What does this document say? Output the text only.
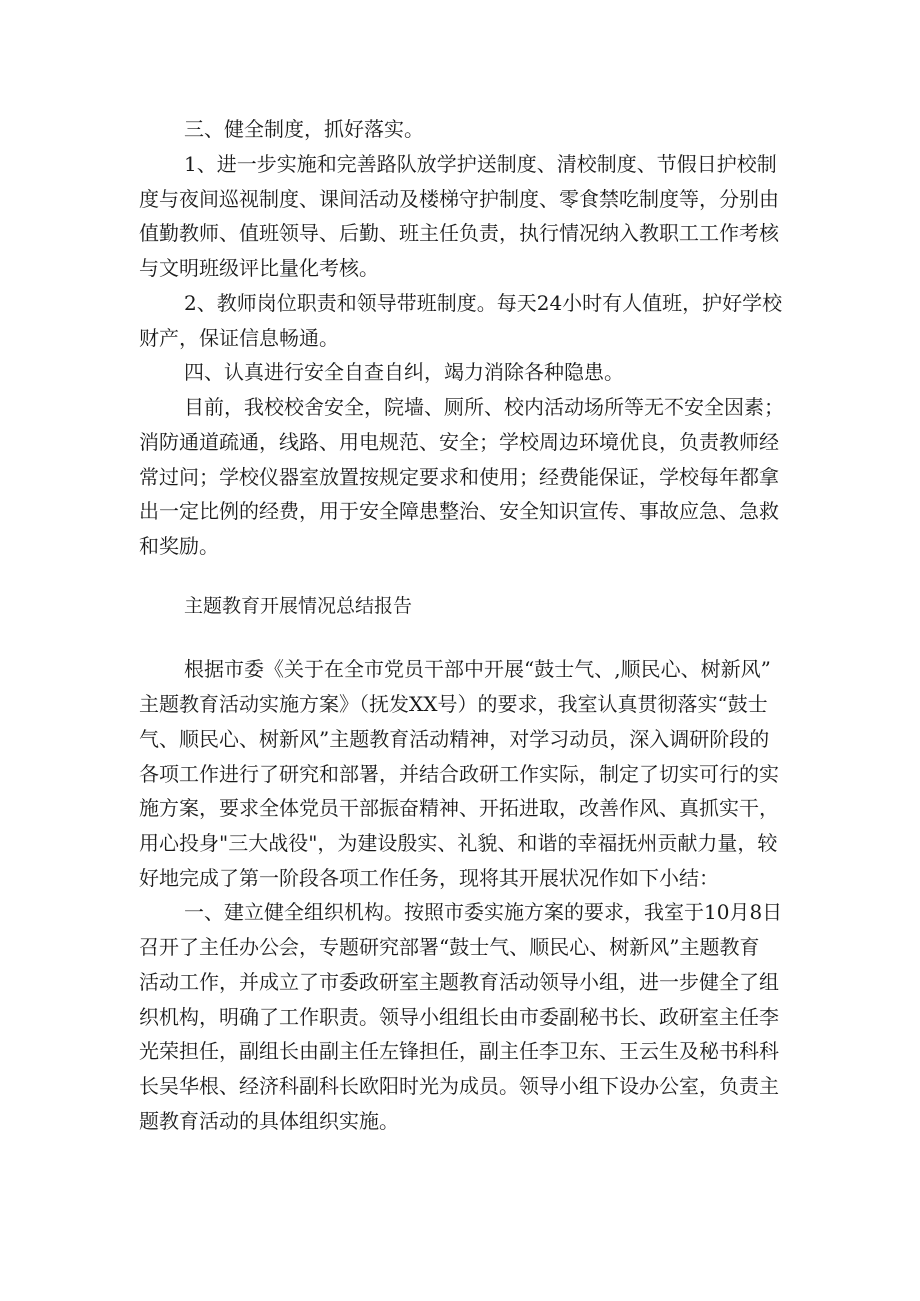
三、健全制度，抓好落实。

1、进一步实施和完善路队放学护送制度、清校制度、节假日护校制

度与夜间巡视制度、课间活动及楼梯守护制度、零食禁吃制度等，分别由

值勤教师、值班领导、后勤、班主任负责，执行情况纳入教职工工作考核

与文明班级评比量化考核。

2、教师岗位职责和领导带班制度。每天24小时有人值班，护好学校

财产，保证信息畅通。

四、认真进行安全自查自纠，竭力消除各种隐患。

目前，我校校舍安全，院墙、厕所、校内活动场所等无不安全因素；

消防通道疏通，线路、用电规范、安全；学校周边环境优良，负责教师经

常过问；学校仪器室放置按规定要求和使用；经费能保证，学校每年都拿

出一定比例的经费，用于安全障患整治、安全知识宣传、事故应急、急救

和奖励。

主题教育开展情况总结报告

根据市委《关于在全市党员干部中开展“鼓士气、,顺民心、树新风”

主题教育活动实施方案》（抚发XX号）的要求，我室认真贯彻落实“鼓士

气、顺民心、树新风”主题教育活动精神，对学习动员，深入调研阶段的

各项工作进行了研究和部署，并结合政研工作实际，制定了切实可行的实

施方案，要求全体党员干部振奋精神、开拓进取，改善作风、真抓实干，

用心投身"三大战役"，为建设殷实、礼貌、和谐的幸福抚州贡献力量，较

好地完成了第一阶段各项工作任务，现将其开展状况作如下小结：

一、建立健全组织机构。按照市委实施方案的要求，我室于10月8日

召开了主任办公会，专题研究部署“鼓士气、顺民心、树新风”主题教育

活动工作，并成立了市委政研室主题教育活动领导小组，进一步健全了组

织机构，明确了工作职责。领导小组组长由市委副秘书长、政研室主任李

光荣担任，副组长由副主任左锋担任，副主任李卫东、王云生及秘书科科

长吴华根、经济科副科长欧阳时光为成员。领导小组下设办公室，负责主

题教育活动的具体组织实施。
